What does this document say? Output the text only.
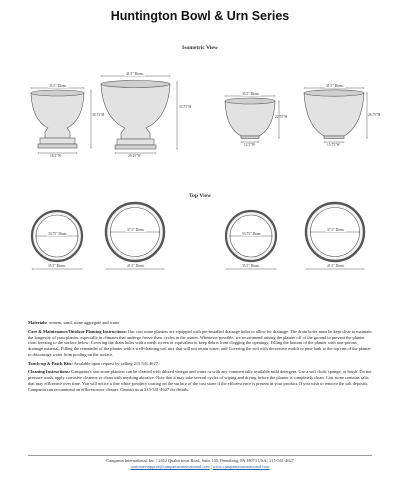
Huntington Bowl & Urn Series
Isometric View
35.5" Diam.
30.75"H
18.5"W
41.5" Diam.
33.75"H
20.25"W
35.5" Diam.
22.75"H
12.5"W
41.5" Diam.
26.75"H
15.75"W
Top View
33.75" Diam.
35.5" Diam.
37.5" Diam.
41.5" Diam.
33.75" Diam.
35.5" Diam.
37.5" Diam.
41.5" Diam.

Materials: cement, sand, stone aggregate and water

Care & Maintenance/Outdoor Planting Instructions: Our cast stone planters are equipped with pre-installed drainage holes to allow for drainage. The drain holes must be kept clear to maintain the longevity of your planter, especially in climates that undergo freeze thaw cycles in the winter. Whenever possible, we recommend raising the planter off of the ground to prevent the planter from freezing to the surface below; Covering the drain holes with a mesh screen or equivalent to keep debris from clogging the openings; Filling the bottom of the planter with non-porous drainage material; Filling the remainder of the planter with a well-draining soil mix that will not retain water; and Covering the soil with decorative mulch or pine bark to the top rim of the planter to discourage water from pooling on the surface.

Touch-up & Patch Kits: Available upon request by calling 215.541.4627.

Cleaning Instructions: Campania's cast stone planters can be cleaned with diluted vinegar and water or with any commercially available mild detergent. Use a soft cloth, sponge, or brush. Do not pressure wash, apply corrosive cleaners or clean with anything abrasive. Note that it may take several cycles of wiping and drying before the planter is completely clean. Cast stone contains salts that may efflorence over time. You will notice a fine white powdery coating on the surface of the cast stone if the efflorescence is present in your product. If you wish to remove the salt deposits, Campania can recommend an efflorescence cleaner. Contact us at 215-541-4627 for details.

Campania International, Inc. | 2452 Quakertown Road, Suite 100, Pennsburg, PA 18073 USA | 215-541-4627
customersupport@campaniainternational.com | www.campaniainternational.com
